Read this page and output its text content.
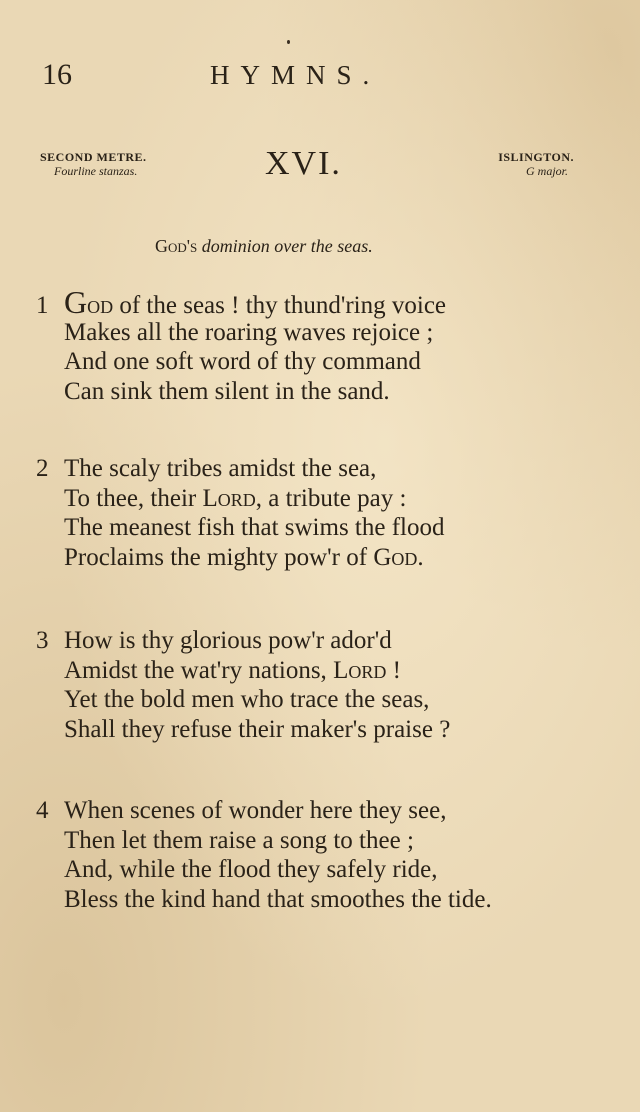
16	HYMNS.
SECOND METRE.
Fourline stanzas.	XVI.	ISLINGTON.
G major.
God's dominion over the seas.
1 God of the seas ! thy thund'ring voice
Makes all the roaring waves rejoice ;
And one soft word of thy command
Can sink them silent in the sand.
2 The scaly tribes amidst the sea,
To thee, their Lord, a tribute pay :
The meanest fish that swims the flood
Proclaims the mighty pow'r of God.
3 How is thy glorious pow'r ador'd
Amidst the wat'ry nations, Lord !
Yet the bold men who trace the seas,
Shall they refuse their maker's praise ?
4 When scenes of wonder here they see,
Then let them raise a song to thee ;
And, while the flood they safely ride,
Bless the kind hand that smoothes the tide.
